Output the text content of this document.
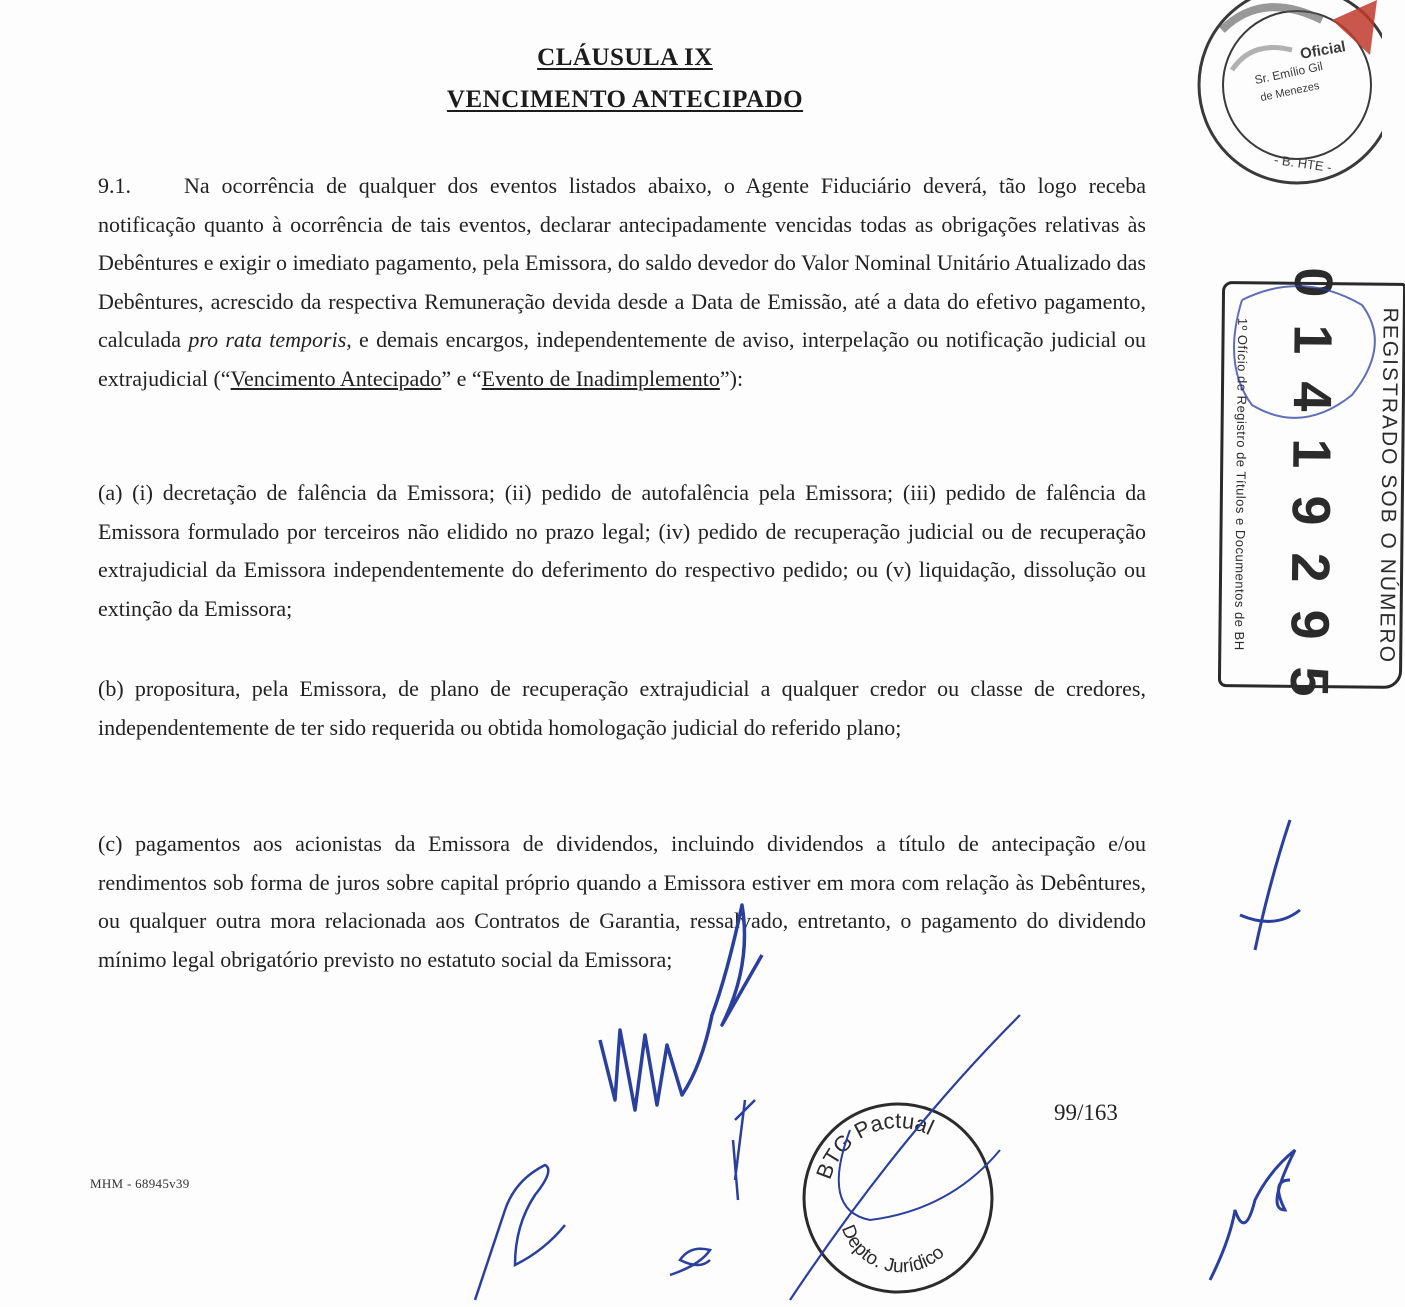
CLÁUSULA IX
VENCIMENTO ANTECIPADO
9.1. Na ocorrência de qualquer dos eventos listados abaixo, o Agente Fiduciário deverá, tão logo receba notificação quanto à ocorrência de tais eventos, declarar antecipadamente vencidas todas as obrigações relativas às Debêntures e exigir o imediato pagamento, pela Emissora, do saldo devedor do Valor Nominal Unitário Atualizado das Debêntures, acrescido da respectiva Remuneração devida desde a Data de Emissão, até a data do efetivo pagamento, calculada pro rata temporis, e demais encargos, independentemente de aviso, interpelação ou notificação judicial ou extrajudicial (“Vencimento Antecipado” e “Evento de Inadimplemento”):
(a) (i) decretação de falência da Emissora; (ii) pedido de autofalência pela Emissora; (iii) pedido de falência da Emissora formulado por terceiros não elidido no prazo legal; (iv) pedido de recuperação judicial ou de recuperação extrajudicial da Emissora independentemente do deferimento do respectivo pedido; ou (v) liquidação, dissolução ou extinção da Emissora;
(b) propositura, pela Emissora, de plano de recuperação extrajudicial a qualquer credor ou classe de credores, independentemente de ter sido requerida ou obtida homologação judicial do referido plano;
(c) pagamentos aos acionistas da Emissora de dividendos, incluindo dividendos a título de antecipação e/ou rendimentos sob forma de juros sobre capital próprio quando a Emissora estiver em mora com relação às Debêntures, ou qualquer outra mora relacionada aos Contratos de Garantia, ressalvado, entretanto, o pagamento do dividendo mínimo legal obrigatório previsto no estatuto social da Emissora;
99/163
MHM - 68945v39
REGISTRADO SOB O NÚMERO
0 1 4 1 9 2 9 5
1º Ofício de Registro de Títulos e Documentos de BH
Oficial
Sr. Emílio Gil
de Menezes
- B. HTE -
BTG Pactual
Depto. Jurídico
